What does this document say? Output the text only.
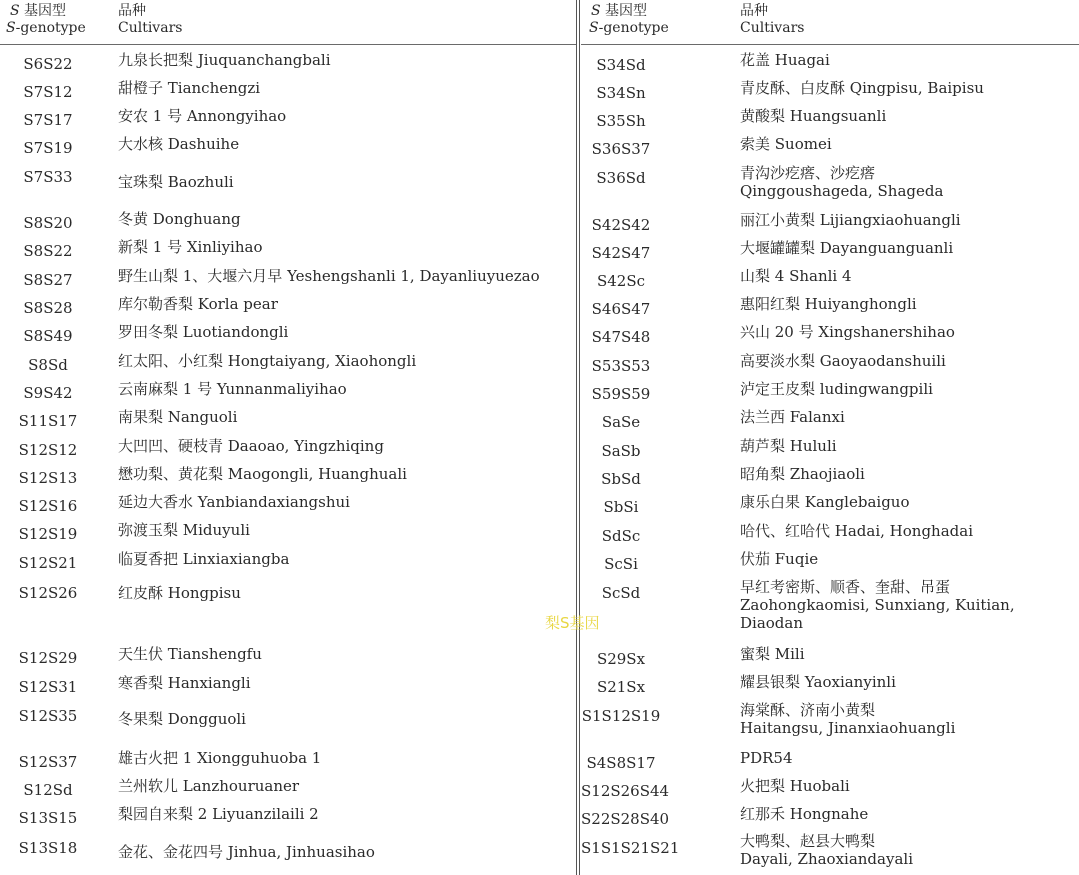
S 基因型
S-genotype
品种
Cultivars
S6S22	九泉长把梨 Jiuquanchangbali
S7S12	甜橙子 Tianchengzi
S7S17	安农 1 号 Annongyihao
S7S19	大水核 Dashuihe
S7S33	宝珠梨 Baozhuli
S8S20	冬黄 Donghuang
S8S22	新梨 1 号 Xinliyihao
S8S27	野生山梨 1、大堰六月早 Yeshengshanli 1, Dayanliuyuezao
S8S28	库尔勒香梨 Korla pear
S8S49	罗田冬梨 Luotiandongli
S8Sd	红太阳、小红梨 Hongtaiyang, Xiaohongli
S9S42	云南麻梨 1 号 Yunnanmaliyihao
S11S17	南果梨 Nanguoli
S12S12	大凹凹、硬枝青 Daaoao, Yingzhiqing
S12S13	懋功梨、黄花梨 Maogongli, Huanghuali
S12S16	延边大香水 Yanbiandaxiangshui
S12S19	弥渡玉梨 Miduyuli
S12S21	临夏香把 Linxiaxiangba
S12S26	红皮酥 Hongpisu
S12S29	天生伏 Tianshengfu
S12S31	寒香梨 Hanxiangli
S12S35	冬果梨 Dongguoli
S12S37	雄古火把 1 Xiongguhuoba 1
S12Sd	兰州软儿 Lanzhouruaner
S13S15	梨园自来梨 2 Liyuanzilaili 2
S13S18	金花、金花四号 Jinhua, Jinhuasihao
S 基因型
S-genotype
品种
Cultivars
S34Sd	花盖 Huagai
S34Sn	青皮酥、白皮酥 Qingpisu, Baipisu
S35Sh	黄酸梨 Huangsuanli
S36S37	索美 Suomei
S36Sd	青沟沙疙瘩、沙疙瘩
Qinggoushageda, Shageda
S42S42	丽江小黄梨 Lijiangxiaohuangli
S42S47	大堰罐罐梨 Dayanguanguanli
S42Sc	山梨 4 Shanli 4
S46S47	惠阳红梨 Huiyanghongli
S47S48	兴山 20 号 Xingshanershihao
S53S53	高要淡水梨 Gaoyaodanshuili
S59S59	泸定王皮梨 ludingwangpili
SaSe	法兰西 Falanxi
SaSb	葫芦梨 Hululi
SbSd	昭角梨 Zhaojiaoli
SbSi	康乐白果 Kanglebaiguo
SdSc	哈代、红哈代 Hadai, Honghadai
ScSi	伏茄 Fuqie
ScSd	早红考密斯、顺香、奎甜、吊蛋
Zaohongkaomisi, Sunxiang, Kuitian,
Diaodan
S29Sx	蜜梨 Mili
S21Sx	耀县银梨 Yaoxianyinli
S1S12S19	海棠酥、济南小黄梨
Haitangsu, Jinanxiaohuangli
S4S8S17	PDR54
S12S26S44	火把梨 Huobali
S22S28S40	红那禾 Hongnahe
S1S1S21S21	大鸭梨、赵县大鸭梨
Dayali, Zhaoxiandayali
梨S基因
